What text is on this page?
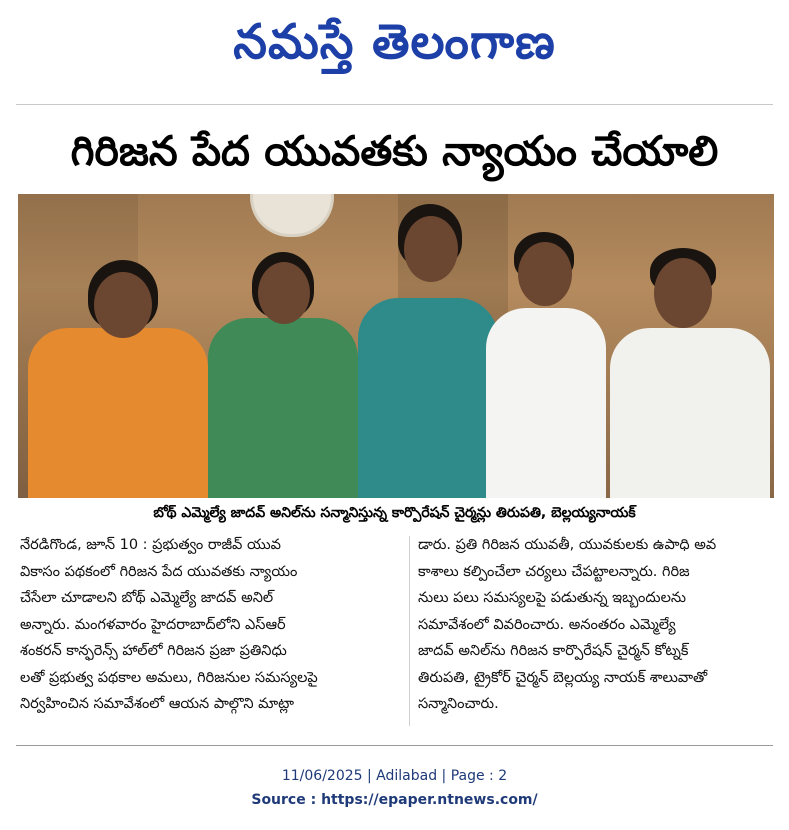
నమస్తే తెలంగాణ
గిరిజన పేద యువతకు న్యాయం చేయాలి
బోథ్ ఎమ్మెల్యే జాదవ్ అనిల్‌ను సన్మానిస్తున్న కార్పొరేషన్ చైర్మన్లు తిరుపతి, బెల్లయ్యనాయక్
నేరడిగొండ, జూన్ 10 : ప్రభుత్వం రాజీవ్ యువ
వికాసం పథకంలో గిరిజన పేద యువతకు న్యాయం
చేసేలా చూడాలని బోథ్ ఎమ్మెల్యే జాదవ్ అనిల్
అన్నారు. మంగళవారం హైదరాబాద్‌లోని ఎస్‌ఆర్
శంకరన్ కాన్ఫరెన్స్ హాల్‌లో గిరిజన ప్రజా ప్రతినిధు
లతో ప్రభుత్వ పథకాల అమలు, గిరిజనుల సమస్యలపై
నిర్వహించిన సమావేశంలో ఆయన పాల్గొని మాట్లా
డారు. ప్రతి గిరిజన యువతీ, యువకులకు ఉపాధి అవ
కాశాలు కల్పించేలా చర్యలు చేపట్టాలన్నారు. గిరిజ
నులు పలు సమస్యలపై పడుతున్న ఇబ్బందులను
సమావేశంలో వివరించారు. అనంతరం ఎమ్మెల్యే
జాదవ్ అనిల్‌ను గిరిజన కార్పొరేషన్ చైర్మన్ కోట్నక్
తిరుపతి, ట్రైకోర్ చైర్మన్ బెల్లయ్య నాయక్ శాలువాతో
సన్మానించారు.
11/06/2025 | Adilabad | Page : 2
Source : https://epaper.ntnews.com/
